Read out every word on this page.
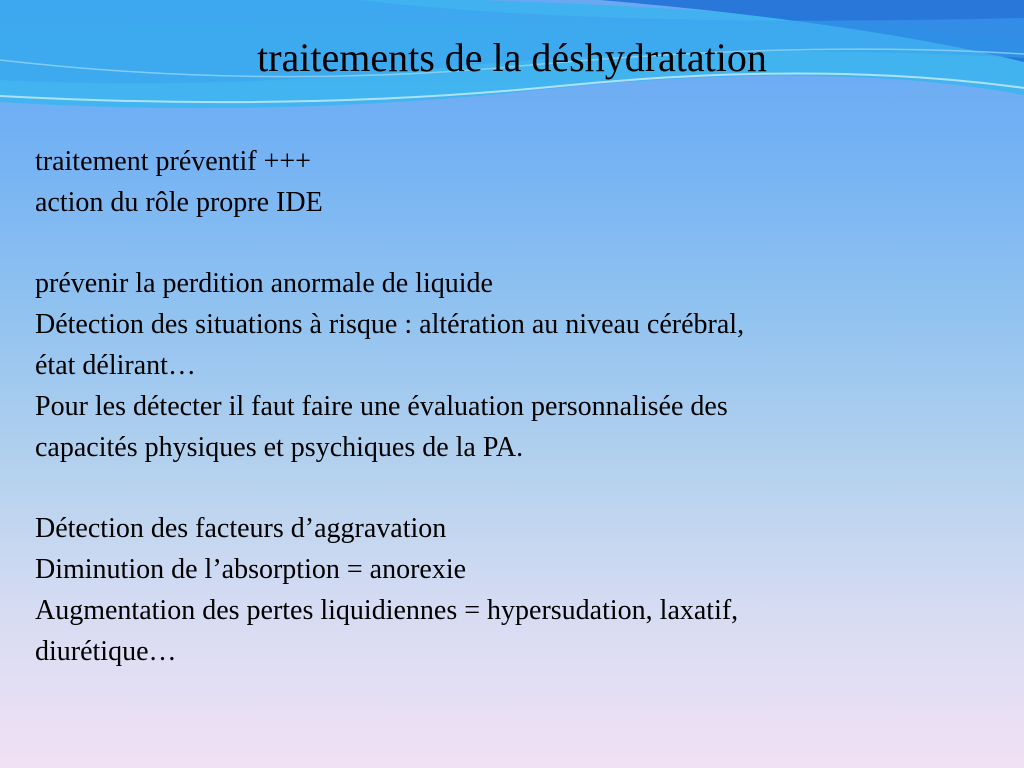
traitements de la déshydratation

traitement préventif +++

action du rôle propre IDE

prévenir la perdition anormale de liquide

Détection des situations à risque : altération au niveau cérébral,

état délirant…

Pour les détecter il faut faire une évaluation personnalisée des

capacités physiques et psychiques de la PA.

Détection des facteurs d’aggravation

Diminution de l’absorption = anorexie

Augmentation des pertes liquidiennes = hypersudation, laxatif,

diurétique…
